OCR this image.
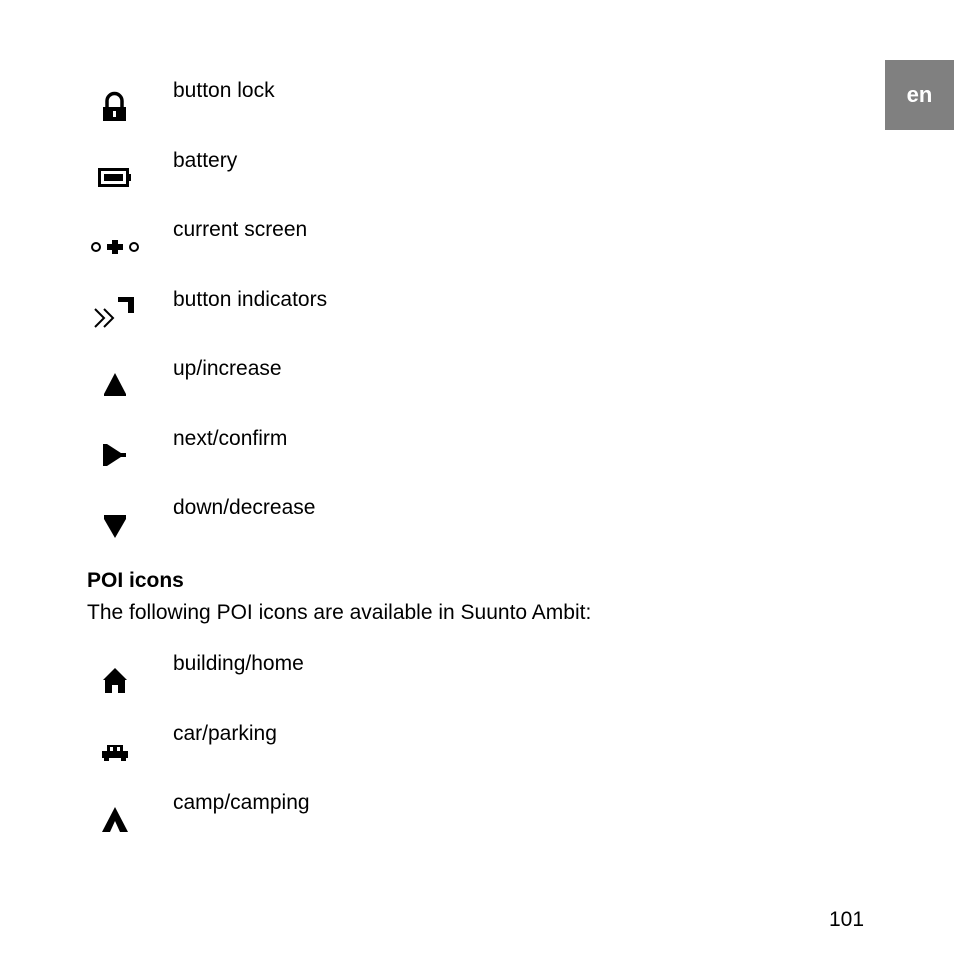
en
button lock
battery
current screen
button indicators
up/increase
next/confirm
down/decrease
POI icons
The following POI icons are available in Suunto Ambit:
building/home
car/parking
camp/camping
101
